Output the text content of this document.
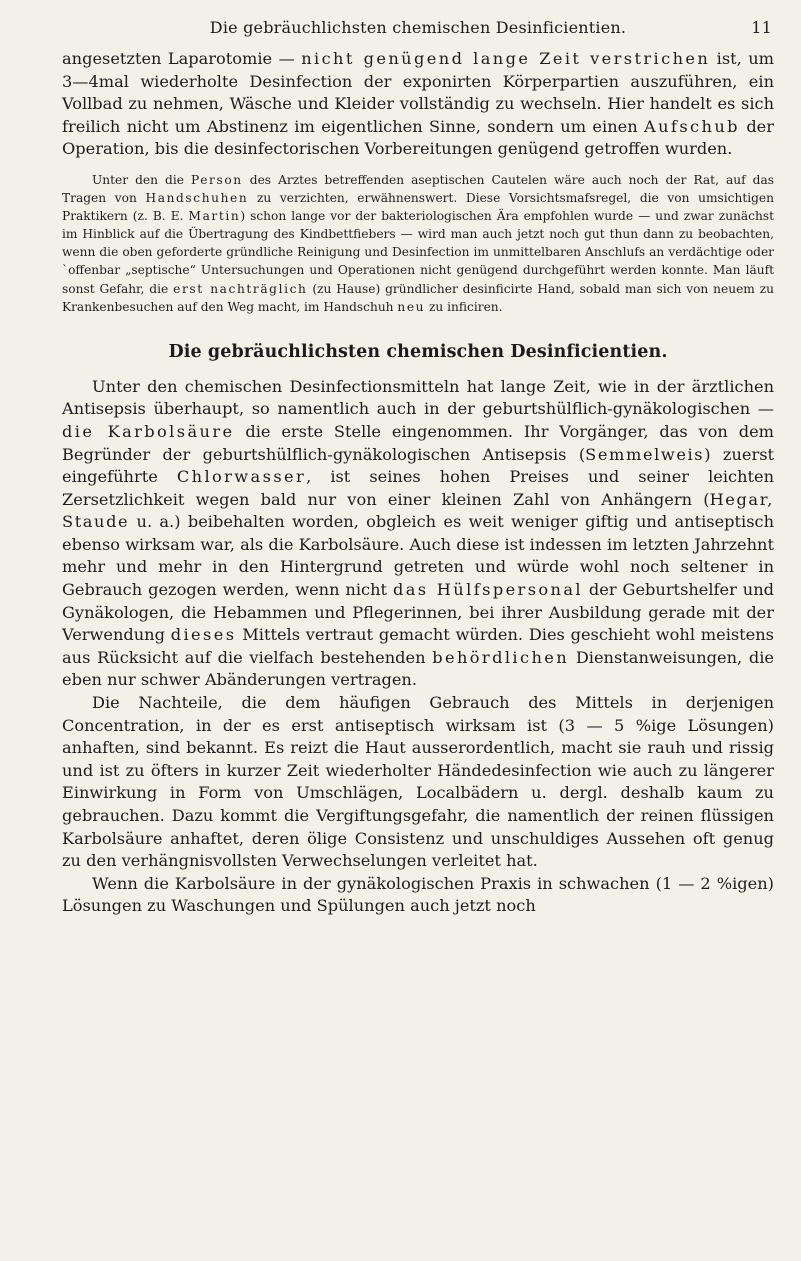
Die gebräuchlichsten chemischen Desinficientien.	11

angesetzten Laparotomie — nicht genügend lange Zeit verstrichen ist, um 3—4mal wiederholte Desinfection der exponirten Körperpartien auszuführen, ein Vollbad zu nehmen, Wäsche und Kleider vollständig zu wechseln. Hier handelt es sich freilich nicht um Abstinenz im eigentlichen Sinne, sondern um einen Aufschub der Operation, bis die desinfectorischen Vorbereitungen genügend getroffen wurden.

Unter den die Person des Arztes betreffenden aseptischen Cautelen wäre auch noch der Rat, auf das Tragen von Handschuhen zu verzichten, erwähnenswert. Diese Vorsichtsmafsregel, die von umsichtigen Praktikern (z. B. E. Martin) schon lange vor der bakteriologischen Ära empfohlen wurde — und zwar zunächst im Hinblick auf die Übertragung des Kindbettfiebers — wird man auch jetzt noch gut thun dann zu beobachten, wenn die oben geforderte gründliche Reinigung und Desinfection im unmittelbaren Anschlufs an verdächtige oder `offenbar „septische“ Untersuchungen und Operationen nicht genügend durchgeführt werden konnte. Man läuft sonst Gefahr, die erst nachträglich (zu Hause) gründlicher desinficirte Hand, sobald man sich von neuem zu Krankenbesuchen auf den Weg macht, im Handschuh neu zu inficiren.

Die gebräuchlichsten chemischen Desinficientien.

Unter den chemischen Desinfectionsmitteln hat lange Zeit, wie in der ärztlichen Antisepsis überhaupt, so namentlich auch in der geburtshülflich-gynäkologischen — die Karbolsäure die erste Stelle eingenommen. Ihr Vorgänger, das von dem Begründer der geburtshülflich-gynäkologischen Antisepsis (Semmelweis) zuerst eingeführte Chlorwasser, ist seines hohen Preises und seiner leichten Zersetzlichkeit wegen bald nur von einer kleinen Zahl von Anhängern (Hegar, Staude u. a.) beibehalten worden, obgleich es weit weniger giftig und antiseptisch ebenso wirksam war, als die Karbolsäure. Auch diese ist indessen im letzten Jahrzehnt mehr und mehr in den Hintergrund getreten und würde wohl noch seltener in Gebrauch gezogen werden, wenn nicht das Hülfspersonal der Geburtshelfer und Gynäkologen, die Hebammen und Pflegerinnen, bei ihrer Ausbildung gerade mit der Verwendung dieses Mittels vertraut gemacht würden. Dies geschieht wohl meistens aus Rücksicht auf die vielfach bestehenden behördlichen Dienstanweisungen, die eben nur schwer Abänderungen vertragen.

Die Nachteile, die dem häufigen Gebrauch des Mittels in derjenigen Concentration, in der es erst antiseptisch wirksam ist (3 — 5 %ige Lösungen) anhaften, sind bekannt. Es reizt die Haut ausserordentlich, macht sie rauh und rissig und ist zu öfters in kurzer Zeit wiederholter Händedesinfection wie auch zu längerer Einwirkung in Form von Umschlägen, Localbädern u. dergl. deshalb kaum zu gebrauchen. Dazu kommt die Vergiftungsgefahr, die namentlich der reinen flüssigen Karbolsäure anhaftet, deren ölige Consistenz und unschuldiges Aussehen oft genug zu den verhängnisvollsten Verwechselungen verleitet hat.

Wenn die Karbolsäure in der gynäkologischen Praxis in schwachen (1 — 2 %igen) Lösungen zu Waschungen und Spülungen auch jetzt noch
